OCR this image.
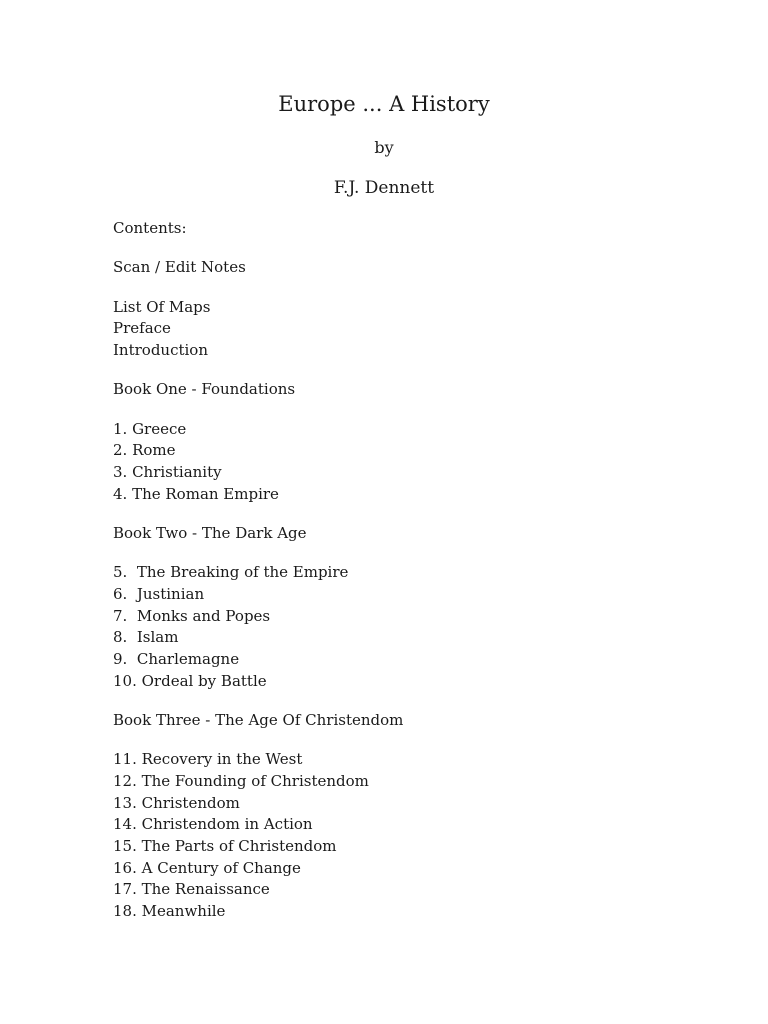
Europe ... A History
by
F.J. Dennett
Contents:
Scan / Edit Notes
List Of Maps
Preface
Introduction
Book One - Foundations
1. Greece
2. Rome
3. Christianity
4. The Roman Empire
Book Two - The Dark Age
5.  The Breaking of the Empire
6.  Justinian
7.  Monks and Popes
8.  Islam
9.  Charlemagne
10. Ordeal by Battle
Book Three - The Age Of Christendom
11. Recovery in the West
12. The Founding of Christendom
13. Christendom
14. Christendom in Action
15. The Parts of Christendom
16. A Century of Change
17. The Renaissance
18. Meanwhile
